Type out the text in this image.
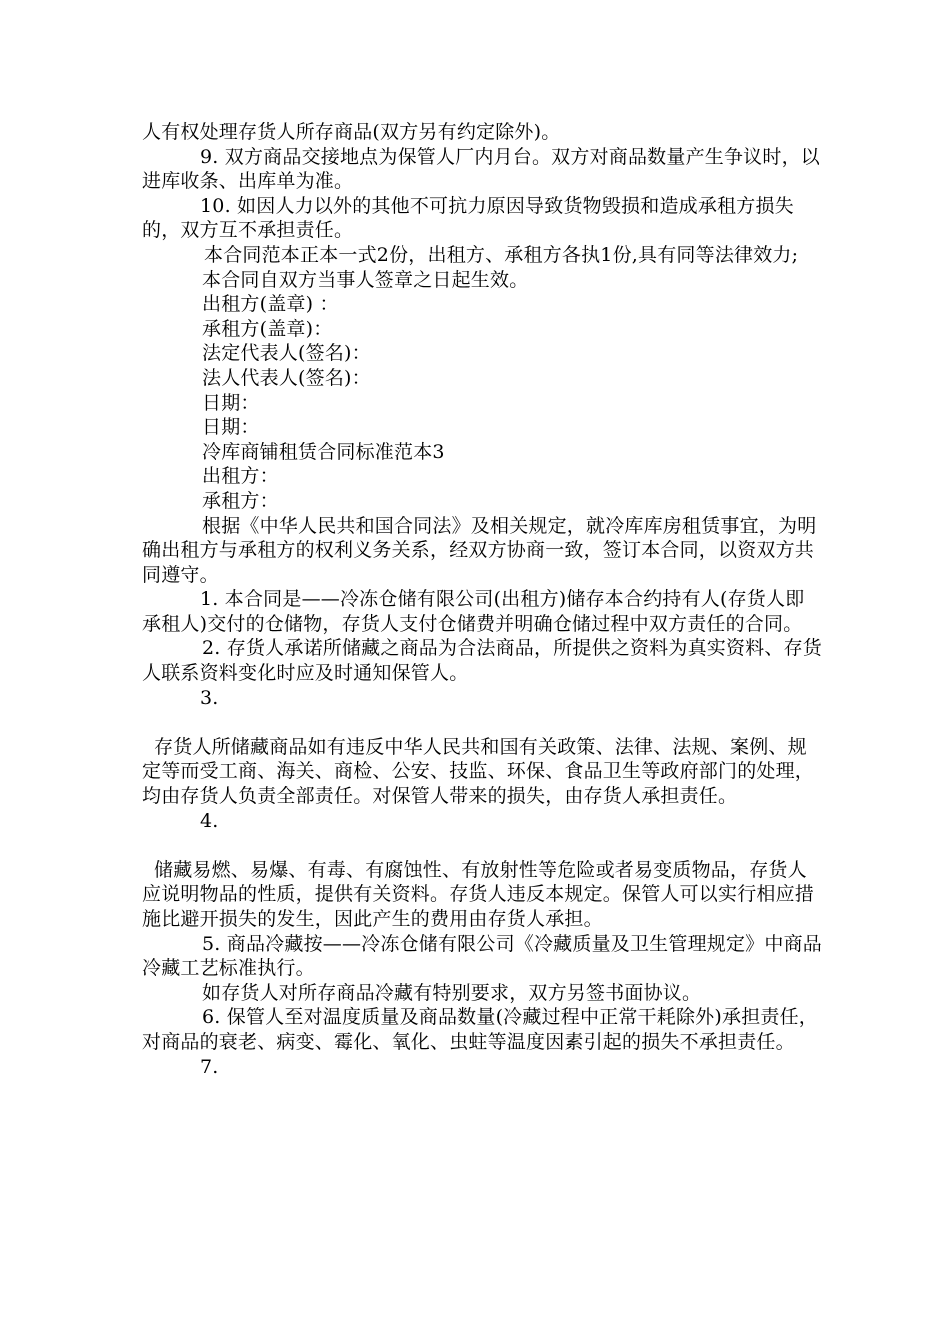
人有权处理存货人所存商品(双方另有约定除外)。

9. 双方商品交接地点为保管人厂内月台。双方对商品数量产生争议时，以进库收条、出库单为准。

10. 如因人力以外的其他不可抗力原因导致货物毁损和造成承租方损失的，双方互不承担责任。

本合同范本正本一式2份，出租方、承租方各执1份,具有同等法律效力;

本合同自双方当事人签章之日起生效。

出租方(盖章) ：

承租方(盖章)：

法定代表人(签名)：

法人代表人(签名)：

日期：

日期：

冷库商铺租赁合同标准范本3

出租方：

承租方：

根据《中华人民共和国合同法》及相关规定，就冷库库房租赁事宜，为明确出租方与承租方的权利义务关系，经双方协商一致，签订本合同，以资双方共同遵守。

1. 本合同是——冷冻仓储有限公司(出租方)储存本合约持有人(存货人即承租人)交付的仓储物，存货人支付仓储费并明确仓储过程中双方责任的合同。

2. 存货人承诺所储藏之商品为合法商品，所提供之资料为真实资料、存货人联系资料变化时应及时通知保管人。

3.

存货人所储藏商品如有违反中华人民共和国有关政策、法律、法规、案例、规定等而受工商、海关、商检、公安、技监、环保、食品卫生等政府部门的处理，均由存货人负责全部责任。对保管人带来的损失，由存货人承担责任。

4.

储藏易燃、易爆、有毒、有腐蚀性、有放射性等危险或者易变质物品，存货人应说明物品的性质，提供有关资料。存货人违反本规定。保管人可以实行相应措施比避开损失的发生，因此产生的费用由存货人承担。

5. 商品冷藏按——冷冻仓储有限公司《冷藏质量及卫生管理规定》中商品冷藏工艺标准执行。

如存货人对所存商品冷藏有特别要求，双方另签书面协议。

6. 保管人至对温度质量及商品数量(冷藏过程中正常干耗除外)承担责任，对商品的衰老、病变、霉化、氧化、虫蛀等温度因素引起的损失不承担责任。

7.
